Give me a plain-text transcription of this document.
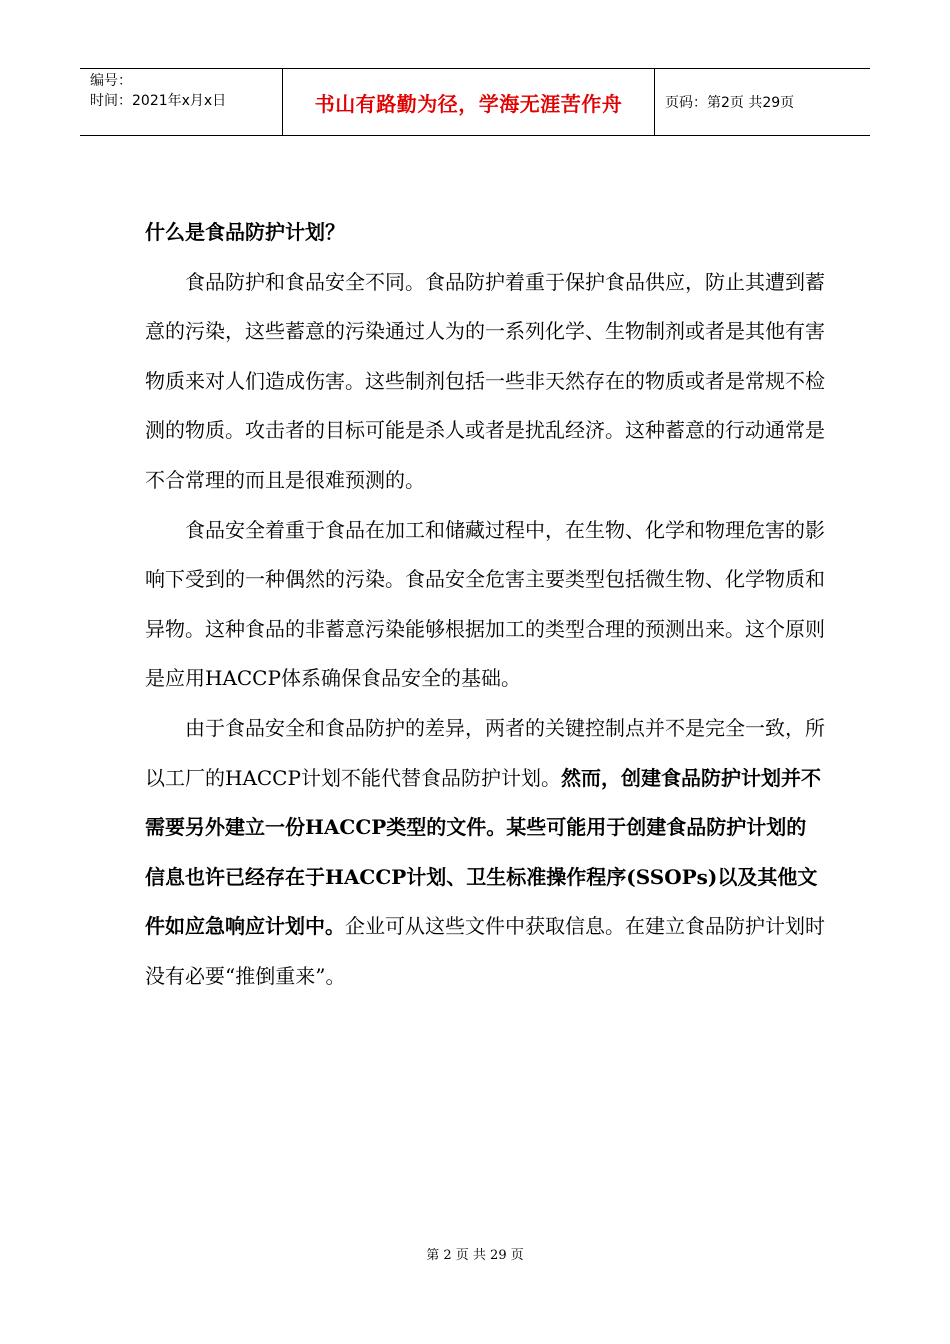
编号：
时间：2021年x月x日	书山有路勤为径，学海无涯苦作舟	页码：第2页 共29页
什么是食品防护计划？

食品防护和食品安全不同。食品防护着重于保护食品供应，防止其遭到蓄意的污染，这些蓄意的污染通过人为的一系列化学、生物制剂或者是其他有害物质来对人们造成伤害。这些制剂包括一些非天然存在的物质或者是常规不检测的物质。攻击者的目标可能是杀人或者是扰乱经济。这种蓄意的行动通常是不合常理的而且是很难预测的。

食品安全着重于食品在加工和储藏过程中，在生物、化学和物理危害的影响下受到的一种偶然的污染。食品安全危害主要类型包括微生物、化学物质和异物。这种食品的非蓄意污染能够根据加工的类型合理的预测出来。这个原则是应用HACCP体系确保食品安全的基础。

由于食品安全和食品防护的差异，两者的关键控制点并不是完全一致，所以工厂的HACCP计划不能代替食品防护计划。然而，创建食品防护计划并不需要另外建立一份HACCP类型的文件。某些可能用于创建食品防护计划的信息也许已经存在于HACCP计划、卫生标准操作程序(SSOPs)以及其他文件如应急响应计划中。企业可从这些文件中获取信息。在建立食品防护计划时没有必要“推倒重来”。

第 2 页 共 29 页
